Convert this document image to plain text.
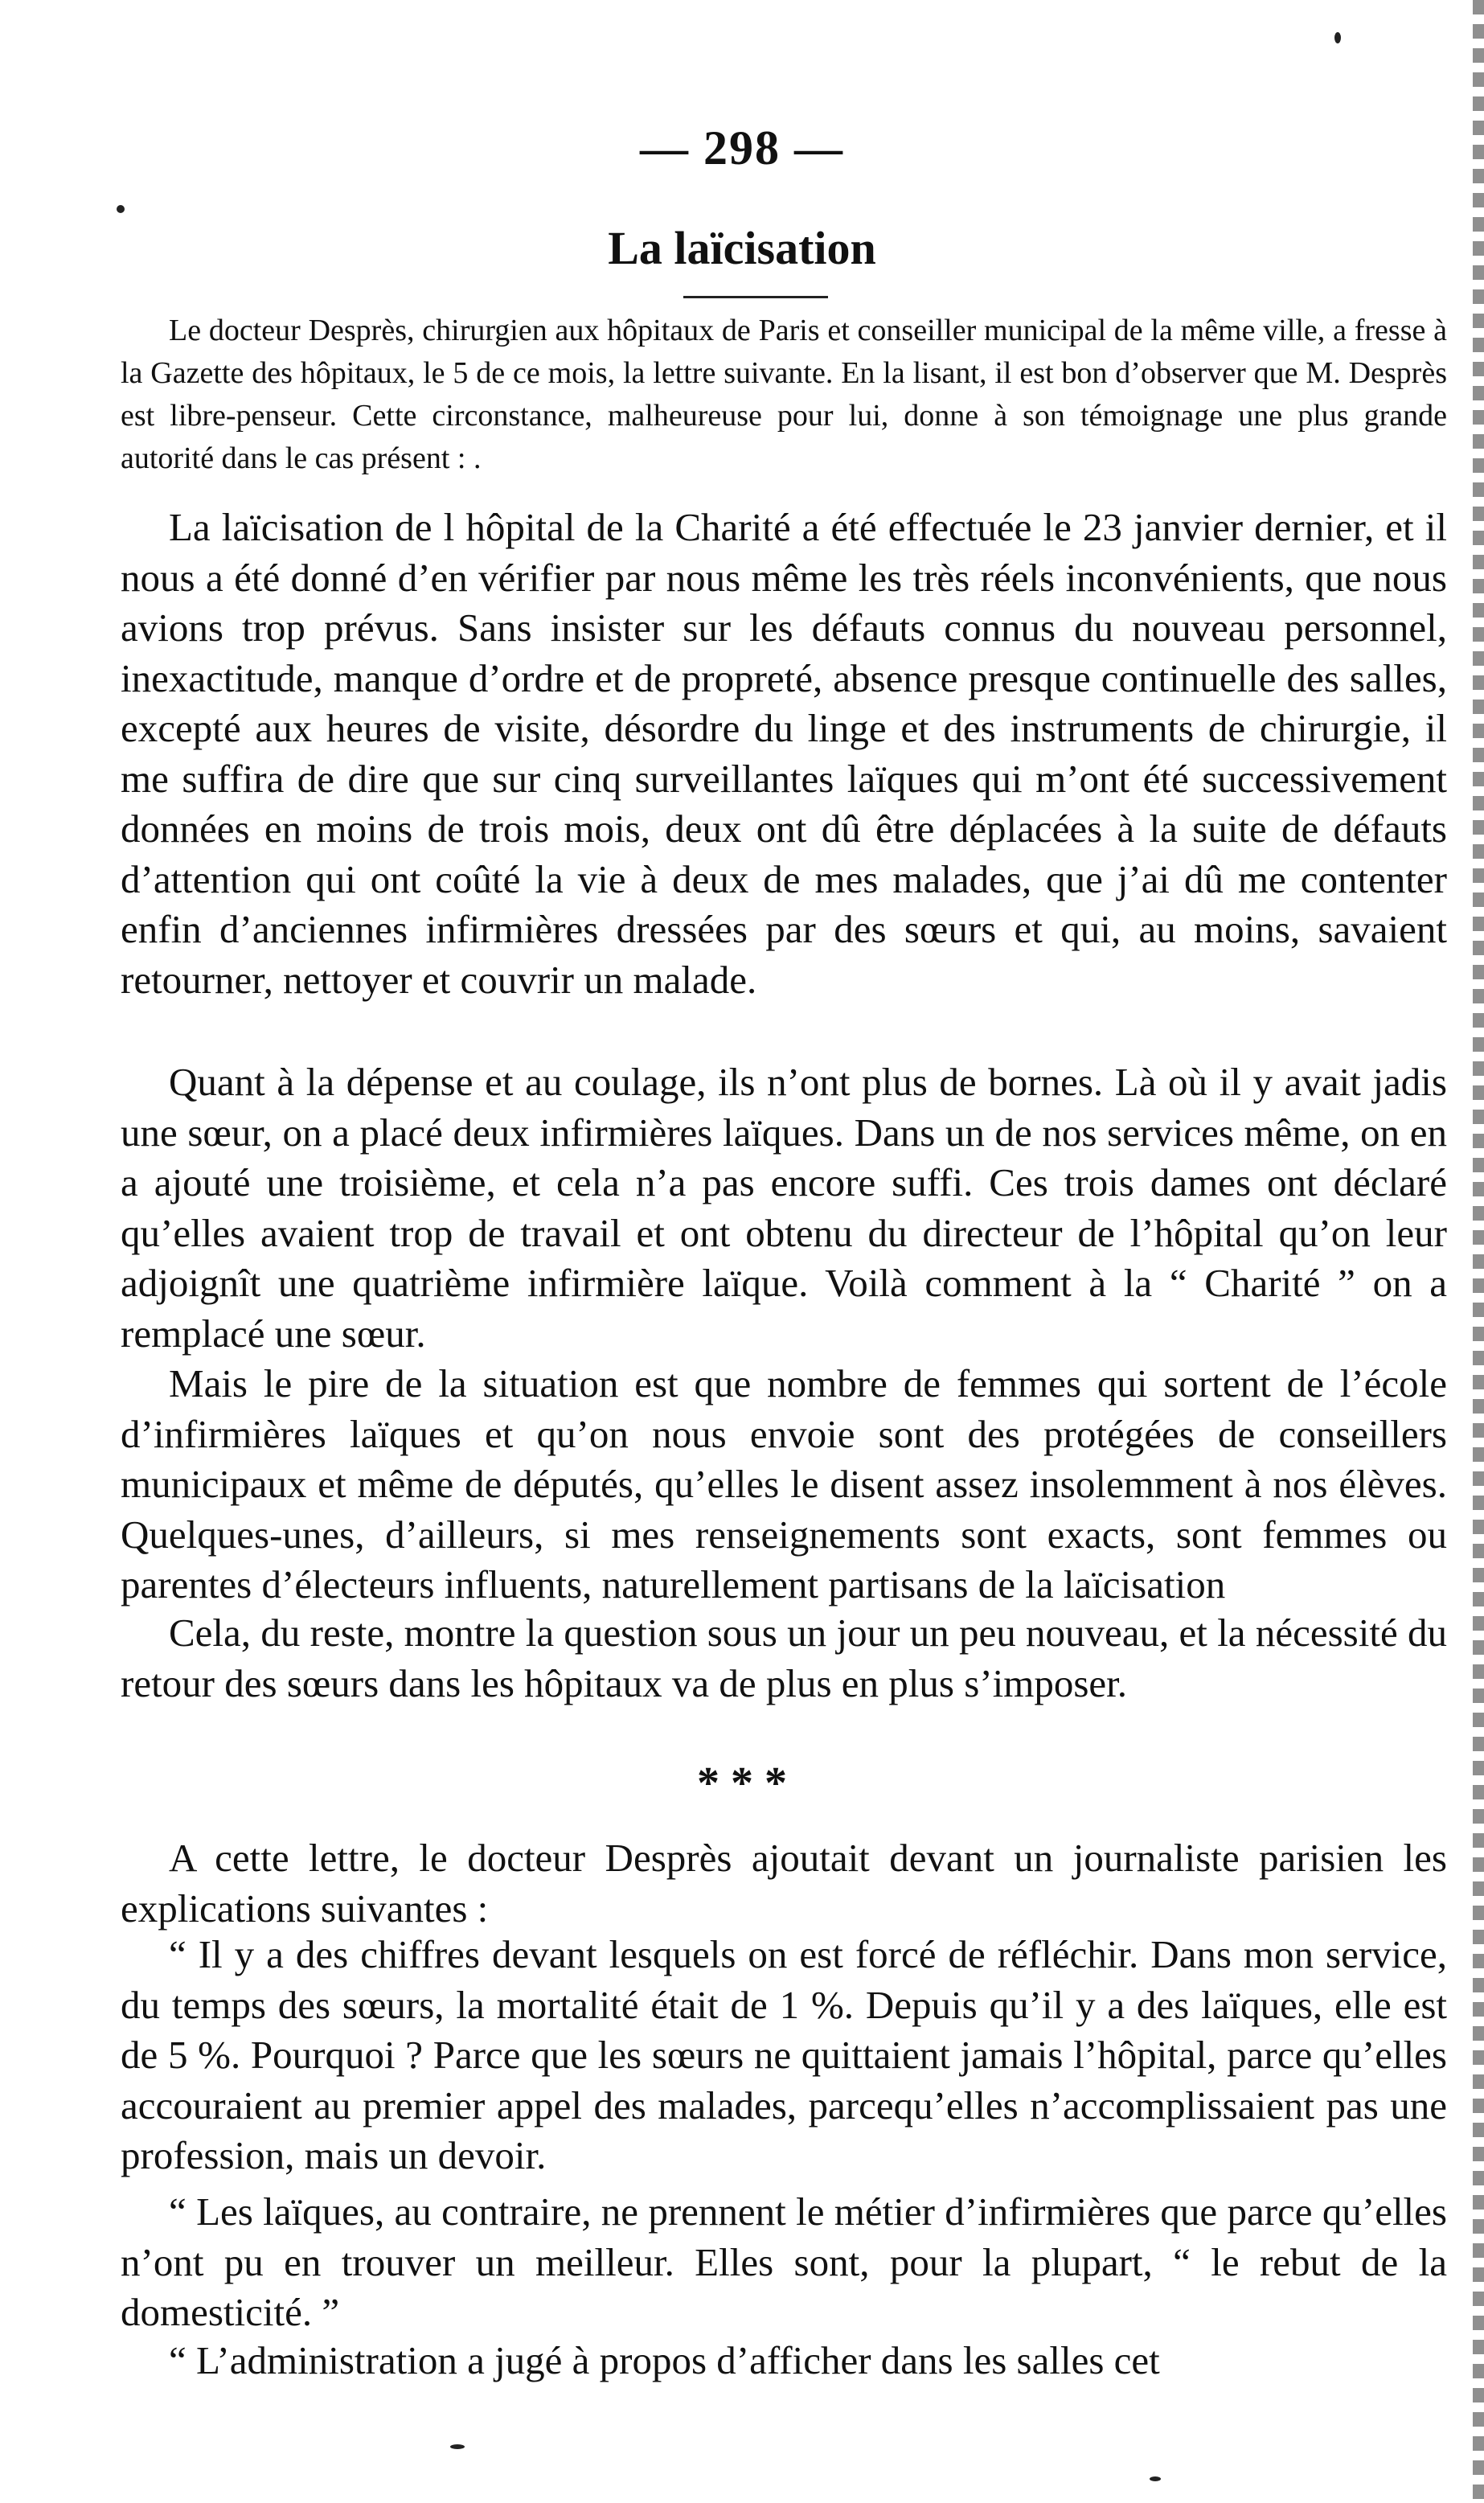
— 298 —
La laïcisation

Le docteur Desprès, chirurgien aux hôpitaux de Paris et conseiller municipal de la même ville, a fresse à la Gazette des hôpitaux, le 5 de ce mois, la lettre suivante. En la lisant, il est bon d’observer que M. Desprès est libre-penseur. Cette circonstance, malheureuse pour lui, donne à son témoignage une plus grande autorité dans le cas présent : .

La laïcisation de l hôpital de la Charité a été effectuée le 23 janvier dernier, et il nous a été donné d’en vérifier par nous même les très réels inconvénients, que nous avions trop prévus. Sans insister sur les défauts connus du nouveau personnel, inexactitude, manque d’ordre et de propreté, absence presque continuelle des salles, excepté aux heures de visite, désordre du linge et des instruments de chirurgie, il me suffira de dire que sur cinq surveillantes laïques qui m’ont été successivement données en moins de trois mois, deux ont dû être déplacées à la suite de défauts d’attention qui ont coûté la vie à deux de mes malades, que j’ai dû me contenter enfin d’anciennes infirmières dressées par des sœurs et qui, au moins, savaient retourner, nettoyer et couvrir un malade.

Quant à la dépense et au coulage, ils n’ont plus de bornes. Là où il y avait jadis une sœur, on a placé deux infirmières laïques. Dans un de nos services même, on en a ajouté une troisième, et cela n’a pas encore suffi. Ces trois dames ont déclaré qu’elles avaient trop de travail et ont obtenu du directeur de l’hôpital qu’on leur adjoignît une quatrième infirmière laïque. Voilà comment à la “ Charité ” on a remplacé une sœur.

Mais le pire de la situation est que nombre de femmes qui sortent de l’école d’infirmières laïques et qu’on nous envoie sont des protégées de conseillers municipaux et même de députés, qu’elles le disent assez insolemment à nos élèves. Quelques-unes, d’ailleurs, si mes renseignements sont exacts, sont femmes ou parentes d’électeurs influents, naturellement partisans de la laïcisation

Cela, du reste, montre la question sous un jour un peu nouveau, et la nécessité du retour des sœurs dans les hôpitaux va de plus en plus s’imposer.

* * *

A cette lettre, le docteur Desprès ajoutait devant un journaliste parisien les explications suivantes :

“ Il y a des chiffres devant lesquels on est forcé de réfléchir. Dans mon service, du temps des sœurs, la mortalité était de 1 %. Depuis qu’il y a des laïques, elle est de 5 %. Pourquoi ? Parce que les sœurs ne quittaient jamais l’hôpital, parce qu’elles accouraient au premier appel des malades, parcequ’elles n’accomplissaient pas une profession, mais un devoir.

“ Les laïques, au contraire, ne prennent le métier d’infirmières que parce qu’elles n’ont pu en trouver un meilleur. Elles sont, pour la plupart, “ le rebut de la domesticité. ”

“ L’administration a jugé à propos d’afficher dans les salles cet
